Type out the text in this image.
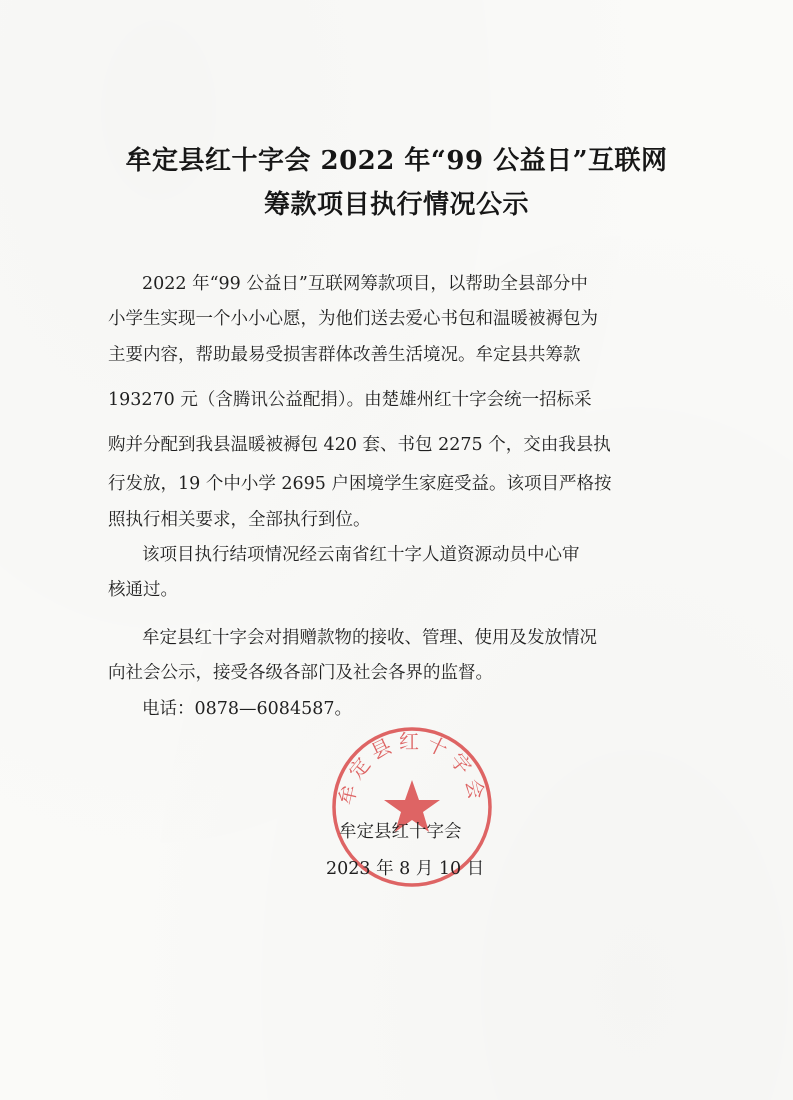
牟定县红十字会 2022 年“99 公益日”互联网
筹款项目执行情况公示
2022 年“99 公益日”互联网筹款项目，以帮助全县部分中
小学生实现一个小小心愿，为他们送去爱心书包和温暖被褥包为
主要内容，帮助最易受损害群体改善生活境况。牟定县共筹款
193270 元（含腾讯公益配捐）。由楚雄州红十字会统一招标采
购并分配到我县温暖被褥包 420 套、书包 2275 个，交由我县执
行发放，19 个中小学 2695 户困境学生家庭受益。该项目严格按
照执行相关要求，全部执行到位。
该项目执行结项情况经云南省红十字人道资源动员中心审
核通过。
牟定县红十字会对捐赠款物的接收、管理、使用及发放情况
向社会公示，接受各级各部门及社会各界的监督。
电话：0878—6084587。
牟定县红十字会
牟定县红十字会
2023 年 8 月 10 日
